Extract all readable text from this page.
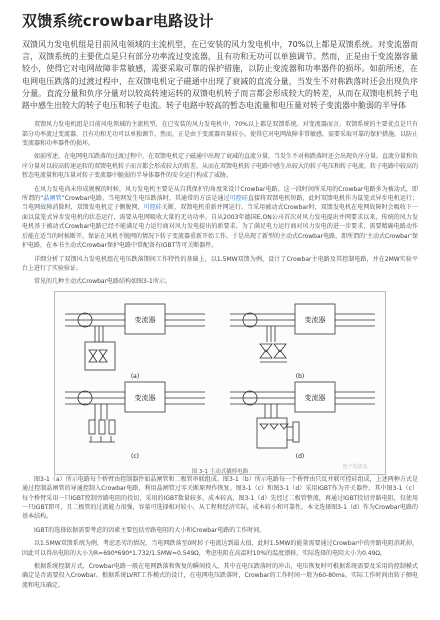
双馈系统crowbar电路设计

双馈风力发电机组是目前风电领域的主流机型，在已安装的风力发电机中，70%以上都是双馈系统。对变流器而言，双馈系统的主要优点是只有部分功率流过变流器，且有功和无功可以单独调节。然而，正是由于变流器容量较小，使得它对电网故障非常敏感，需要采取可靠的保护措施，以防止变流器和功率器件的损坏。如前所述，在电网电压跌落的过渡过程中，在双馈电机定子磁通中出现了衰减的直流分量，当发生不对称跌落时还会出现负序分量。直流分量和负序分量对以较高转速运转的双馈电机转子而言都会形成较大的转差，从而在双馈电机转子电路中感生出较大的转子电压和转子电流。转子电路中较高的暂态电流量和电压量对转子变流器中脆弱的半导体

双馈风力发电机组是目前风电领域的主流机型，在已安装的风力发电机中，70%以上都是双馈系统。对变流器而言，双馈系统的主要优点是只有部分功率流过变流器，且有功和无功可以单独调节。然而，正是由于变流器容量较小，使得它对电网故障非常敏感，需要采取可靠的保护措施，以防止变流器和功率器件的损坏。

如前所述，在电网电压跌落的过渡过程中，在双馈电机定子磁通中出现了衰减的直流分量，当发生不对称跌落时还会出现负序分量。直流分量和负序分量对以较高转速运转的双馈电机转子而言都会形成较大的转差，从而在双馈电机转子电路中感生出较大的转子电压和转子电流。转子电路中较高的暂态电流量和电压量对转子变流器中脆弱的半导体器件的安全运行构成了威胁。

在风力发电尚未形成规模的时候，风力发电机主要是从自我保护的角度来设计Crowbar电路，这一段时间所采用的Crowbar电路多为被动式，即所谓的“晶闸管”Crowbar电路。当电网发生电压跌落时，其通常的方法是通过可控硅直接将双馈电机短路，此时双馈电机作为鼠笼式异步电机运行；当电网故障消除时，双馈发电机定子侧脱网，可控硅关断，双馈电机重新并网运行。当采用被动式Crowbar时，双馈发电机在电网故障时会吸收下一面以鼠笼式异步发电机的状态运行，需要从电网吸收大量的无功功率。自从2003年德国E.ON公司首次对风力发电提出并网要求以来，传统的风力发电机基于被动式Crowbar电路已经不能满足电力运行商对风力发电提出的新要求。为了满足电力运行商对风力发电的进一步要求，需要精确电路动作后能在适当的时候断开，保证在风机不脱网的情况下转子变流器重新开始工作，于是出现了新型的主动式Crowbar电路，即所谓的‘主动式Crowbar’保护电路，在本书主动式Crowbar保护电路中常配备有IGBT等可关断器件。

详细分析了双馈风力发电机组在电压跌落期间工作特性的基础上，以1.5MW双馈为例，设计了Crowbar主电路及其控制电路，并在2MW实验平台上进行了实验验证。

常见的几种主动式Crowbar电路结构如图3-1所示。

变流器	变流器
变流器	变流器
(a)	(b)
(c)	(d)
电子发烧友
图 3-1 主动式撬棒电路

图3-1（a）所示电路每个桥臂由控制器件如晶闸管和二极管串联组成。图3-1（b）所示电路每一个桥臂由只反并联可控硅组成，上述两种方式是通过控制晶闸管的导通控制入Crowbar电路，利用晶闸管过零关断原理作恢复。图3-1（c）和图3-1（d）采用IGBT作为开关器件，其中图3-1（c）每个桥臂采用一只IGBT控制旁路电阻的投切，采用的IGBT数量较多，成本较高，图3-1（d）先经过二极管整流，再通过IGBT投切旁路电阻，仅使用一只IGBT即可，且二极管的过流能力很强，容量可选择相对较小，从工程和经济实际，成本较小和可靠性，本文选择图3-1（d）作为Crowbar电路的基本结构。

IGBT的选择依据需要考虑的因素主要包括旁路电阻的大小和Crowbar电路的工作时间。

以1.5MW双馈系统为例，考虑恶劣的情况，当电网跌落至0时转子电流达到最大值，此时1.5MW的能量需要通过Crowbar中的旁路电阻消耗掉，因此可以得出电阻的大小为R=690*690*1.732/1.5MW=0.549Ω，考虑电阻在高温时10%的温度漂移，实际选择的电阻大小为0.49Ω。

根据系统控制方式，Crowbar电路一般在电网跌落和恢复的瞬间投入，其中在电压跌落时的冲击，电压恢复时可根据系统需要及采用的控制模式确定是否需要投入Crowbar。根据系统LVRT工作模式的设计，在电网电压跌落时，Crowbar的工作时间一般为60-80ms。实际工作时间由转子侧电流和电压确定。
